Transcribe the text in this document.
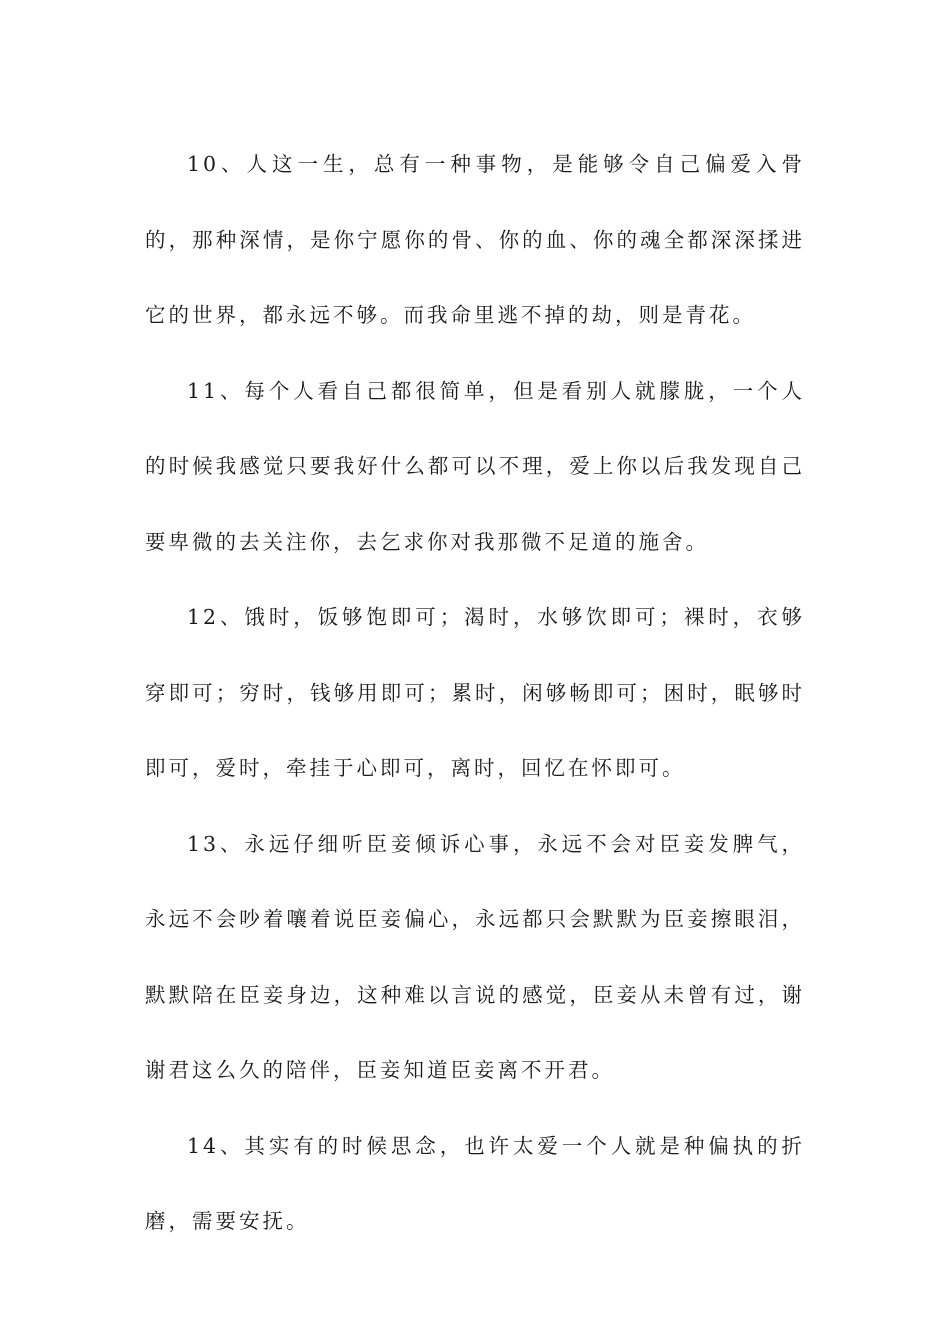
10、人这一生，总有一种事物，是能够令自己偏爱入骨的，那种深情，是你宁愿你的骨、你的血、你的魂全都深深揉进它的世界，都永远不够。而我命里逃不掉的劫，则是青花。

11、每个人看自己都很简单，但是看别人就朦胧，一个人的时候我感觉只要我好什么都可以不理，爱上你以后我发现自己要卑微的去关注你，去乞求你对我那微不足道的施舍。

12、饿时，饭够饱即可；渴时，水够饮即可；裸时，衣够穿即可；穷时，钱够用即可；累时，闲够畅即可；困时，眠够时即可，爱时，牵挂于心即可，离时，回忆在怀即可。

13、永远仔细听臣妾倾诉心事，永远不会对臣妾发脾气，永远不会吵着嚷着说臣妾偏心，永远都只会默默为臣妾擦眼泪，默默陪在臣妾身边，这种难以言说的感觉，臣妾从未曾有过，谢谢君这么久的陪伴，臣妾知道臣妾离不开君。

14、其实有的时候思念，也许太爱一个人就是种偏执的折磨，需要安抚。
